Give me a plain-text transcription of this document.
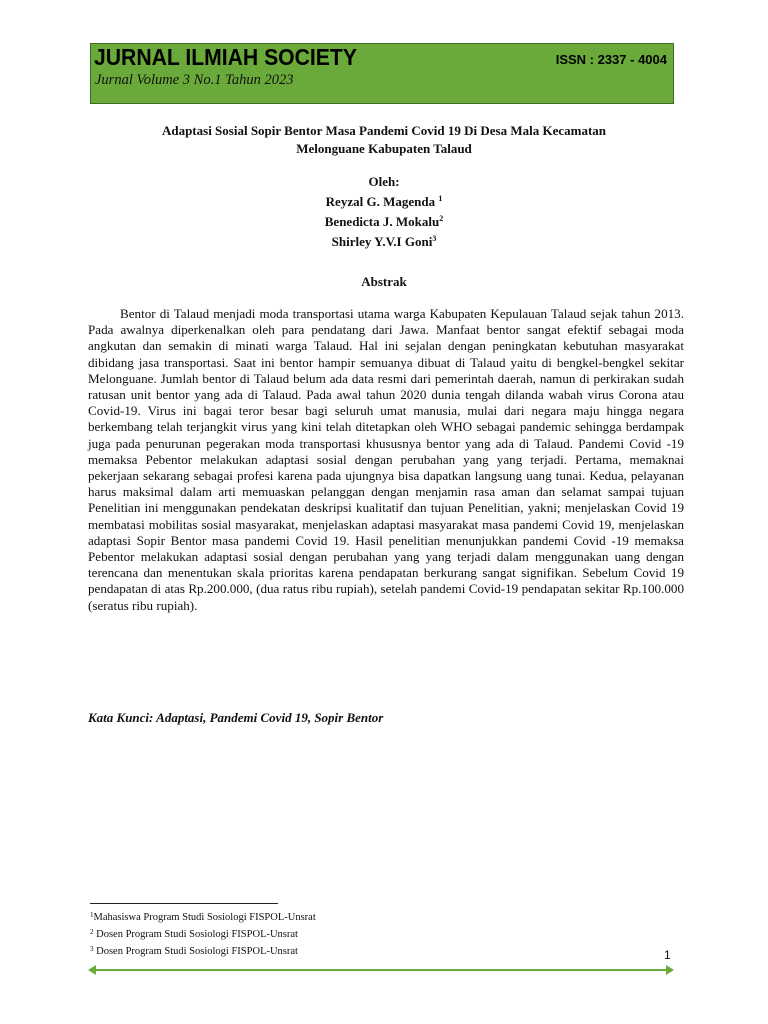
JURNAL ILMIAH SOCIETY
Jurnal Volume 3 No.1 Tahun 2023
ISSN : 2337 - 4004
Adaptasi Sosial Sopir Bentor Masa Pandemi Covid 19 Di Desa Mala Kecamatan
Melonguane Kabupaten Talaud
Oleh:
Reyzal G. Magenda $^1$
Benedicta J. Mokalu$^2$
Shirley Y.V.I Goni$^3$
Abstrak

Bentor di Talaud menjadi moda transportasi utama warga Kabupaten Kepulauan Talaud sejak tahun 2013. Pada awalnya diperkenalkan oleh para pendatang dari Jawa. Manfaat bentor sangat efektif sebagai moda angkutan dan semakin di minati warga Talaud. Hal ini sejalan dengan peningkatan kebutuhan masyarakat dibidang jasa transportasi. Saat ini bentor hampir semuanya dibuat di Talaud yaitu di bengkel-bengkel sekitar Melonguane. Jumlah bentor di Talaud belum ada data resmi dari pemerintah daerah, namun di perkirakan sudah ratusan unit bentor yang ada di Talaud. Pada awal tahun 2020 dunia tengah dilanda wabah virus Corona atau Covid-19. Virus ini bagai teror besar bagi seluruh umat manusia, mulai dari negara maju hingga negara berkembang telah terjangkit virus yang kini telah ditetapkan oleh WHO sebagai pandemic sehingga berdampak juga pada penurunan pegerakan moda transportasi khususnya bentor yang ada di Talaud. Pandemi Covid -19 memaksa Pebentor melakukan adaptasi sosial dengan perubahan yang yang terjadi. Pertama, memaknai pekerjaan sekarang sebagai profesi karena pada ujungnya bisa dapatkan langsung uang tunai. Kedua, pelayanan harus maksimal dalam arti memuaskan pelanggan dengan menjamin rasa aman dan selamat sampai tujuan Penelitian ini menggunakan pendekatan deskripsi kualitatif dan tujuan Penelitian, yakni; menjelaskan Covid 19 membatasi mobilitas sosial masyarakat, menjelaskan adaptasi masyarakat masa pandemi Covid 19, menjelaskan adaptasi Sopir Bentor masa pandemi Covid 19. Hasil penelitian menunjukkan pandemi Covid -19 memaksa Pebentor melakukan adaptasi sosial dengan perubahan yang yang terjadi dalam menggunakan uang dengan terencana dan menentukan skala prioritas karena pendapatan berkurang sangat signifikan. Sebelum Covid 19 pendapatan di atas Rp.200.000, (dua ratus ribu rupiah), setelah pandemi Covid-19 pendapatan sekitar Rp.100.000 (seratus ribu rupiah).

Kata Kunci: Adaptasi, Pandemi Covid 19, Sopir Bentor
$^1$Mahasiswa Program Studi Sosiologi FISPOL-Unsrat
$^2$ Dosen Program Studi Sosiologi FISPOL-Unsrat
$^3$ Dosen Program Studi Sosiologi FISPOL-Unsrat	1
